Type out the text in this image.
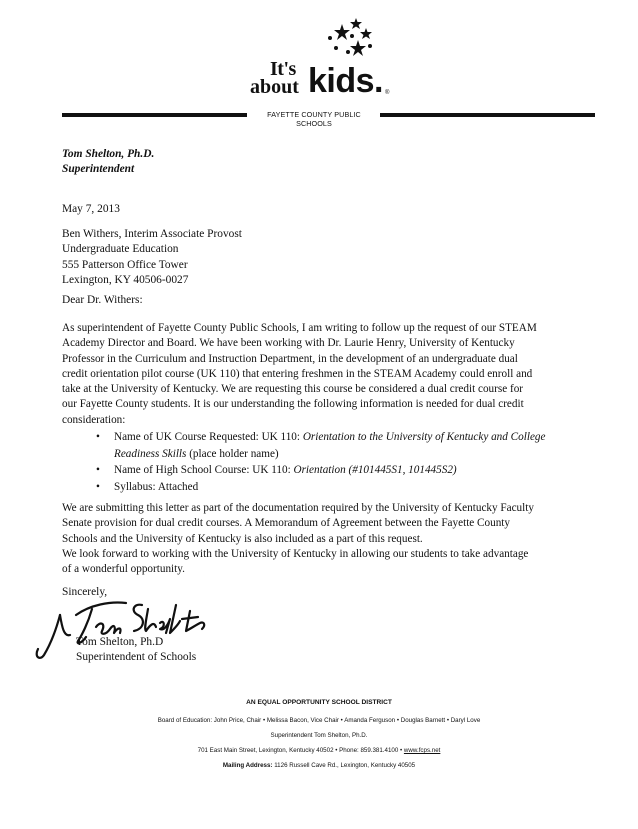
It's
about kids. ®
FAYETTE COUNTY PUBLIC SCHOOLS
Tom Shelton, Ph.D.
Superintendent
May 7, 2013
Ben Withers, Interim Associate Provost
Undergraduate Education
555 Patterson Office Tower
Lexington, KY 40506-0027
Dear Dr. Withers:
As superintendent of Fayette County Public Schools, I am writing to follow up the request of our STEAM
Academy Director and Board. We have been working with Dr. Laurie Henry, University of Kentucky
Professor in the Curriculum and Instruction Department, in the development of an undergraduate dual
credit orientation pilot course (UK 110) that entering freshmen in the STEAM Academy could enroll and
take at the University of Kentucky. We are requesting this course be considered a dual credit course for
our Fayette County students. It is our understanding the following information is needed for dual credit
consideration:
• Name of UK Course Requested: UK 110: Orientation to the University of Kentucky and College
Readiness Skills (place holder name)
• Name of High School Course: UK 110: Orientation (#101445S1, 101445S2)
• Syllabus: Attached
We are submitting this letter as part of the documentation required by the University of Kentucky Faculty
Senate provision for dual credit courses. A Memorandum of Agreement between the Fayette County
Schools and the University of Kentucky is also included as a part of this request.
We look forward to working with the University of Kentucky in allowing our students to take advantage
of a wonderful opportunity.
Sincerely,
Tom Shelton, Ph.D
Superintendent of Schools
AN EQUAL OPPORTUNITY SCHOOL DISTRICT
Board of Education: John Price, Chair • Melissa Bacon, Vice Chair • Amanda Ferguson • Douglas Barnett • Daryl Love
Superintendent Tom Shelton, Ph.D.
701 East Main Street, Lexington, Kentucky 40502 • Phone: 859.381.4100 • www.fcps.net
Mailing Address: 1126 Russell Cave Rd., Lexington, Kentucky 40505
